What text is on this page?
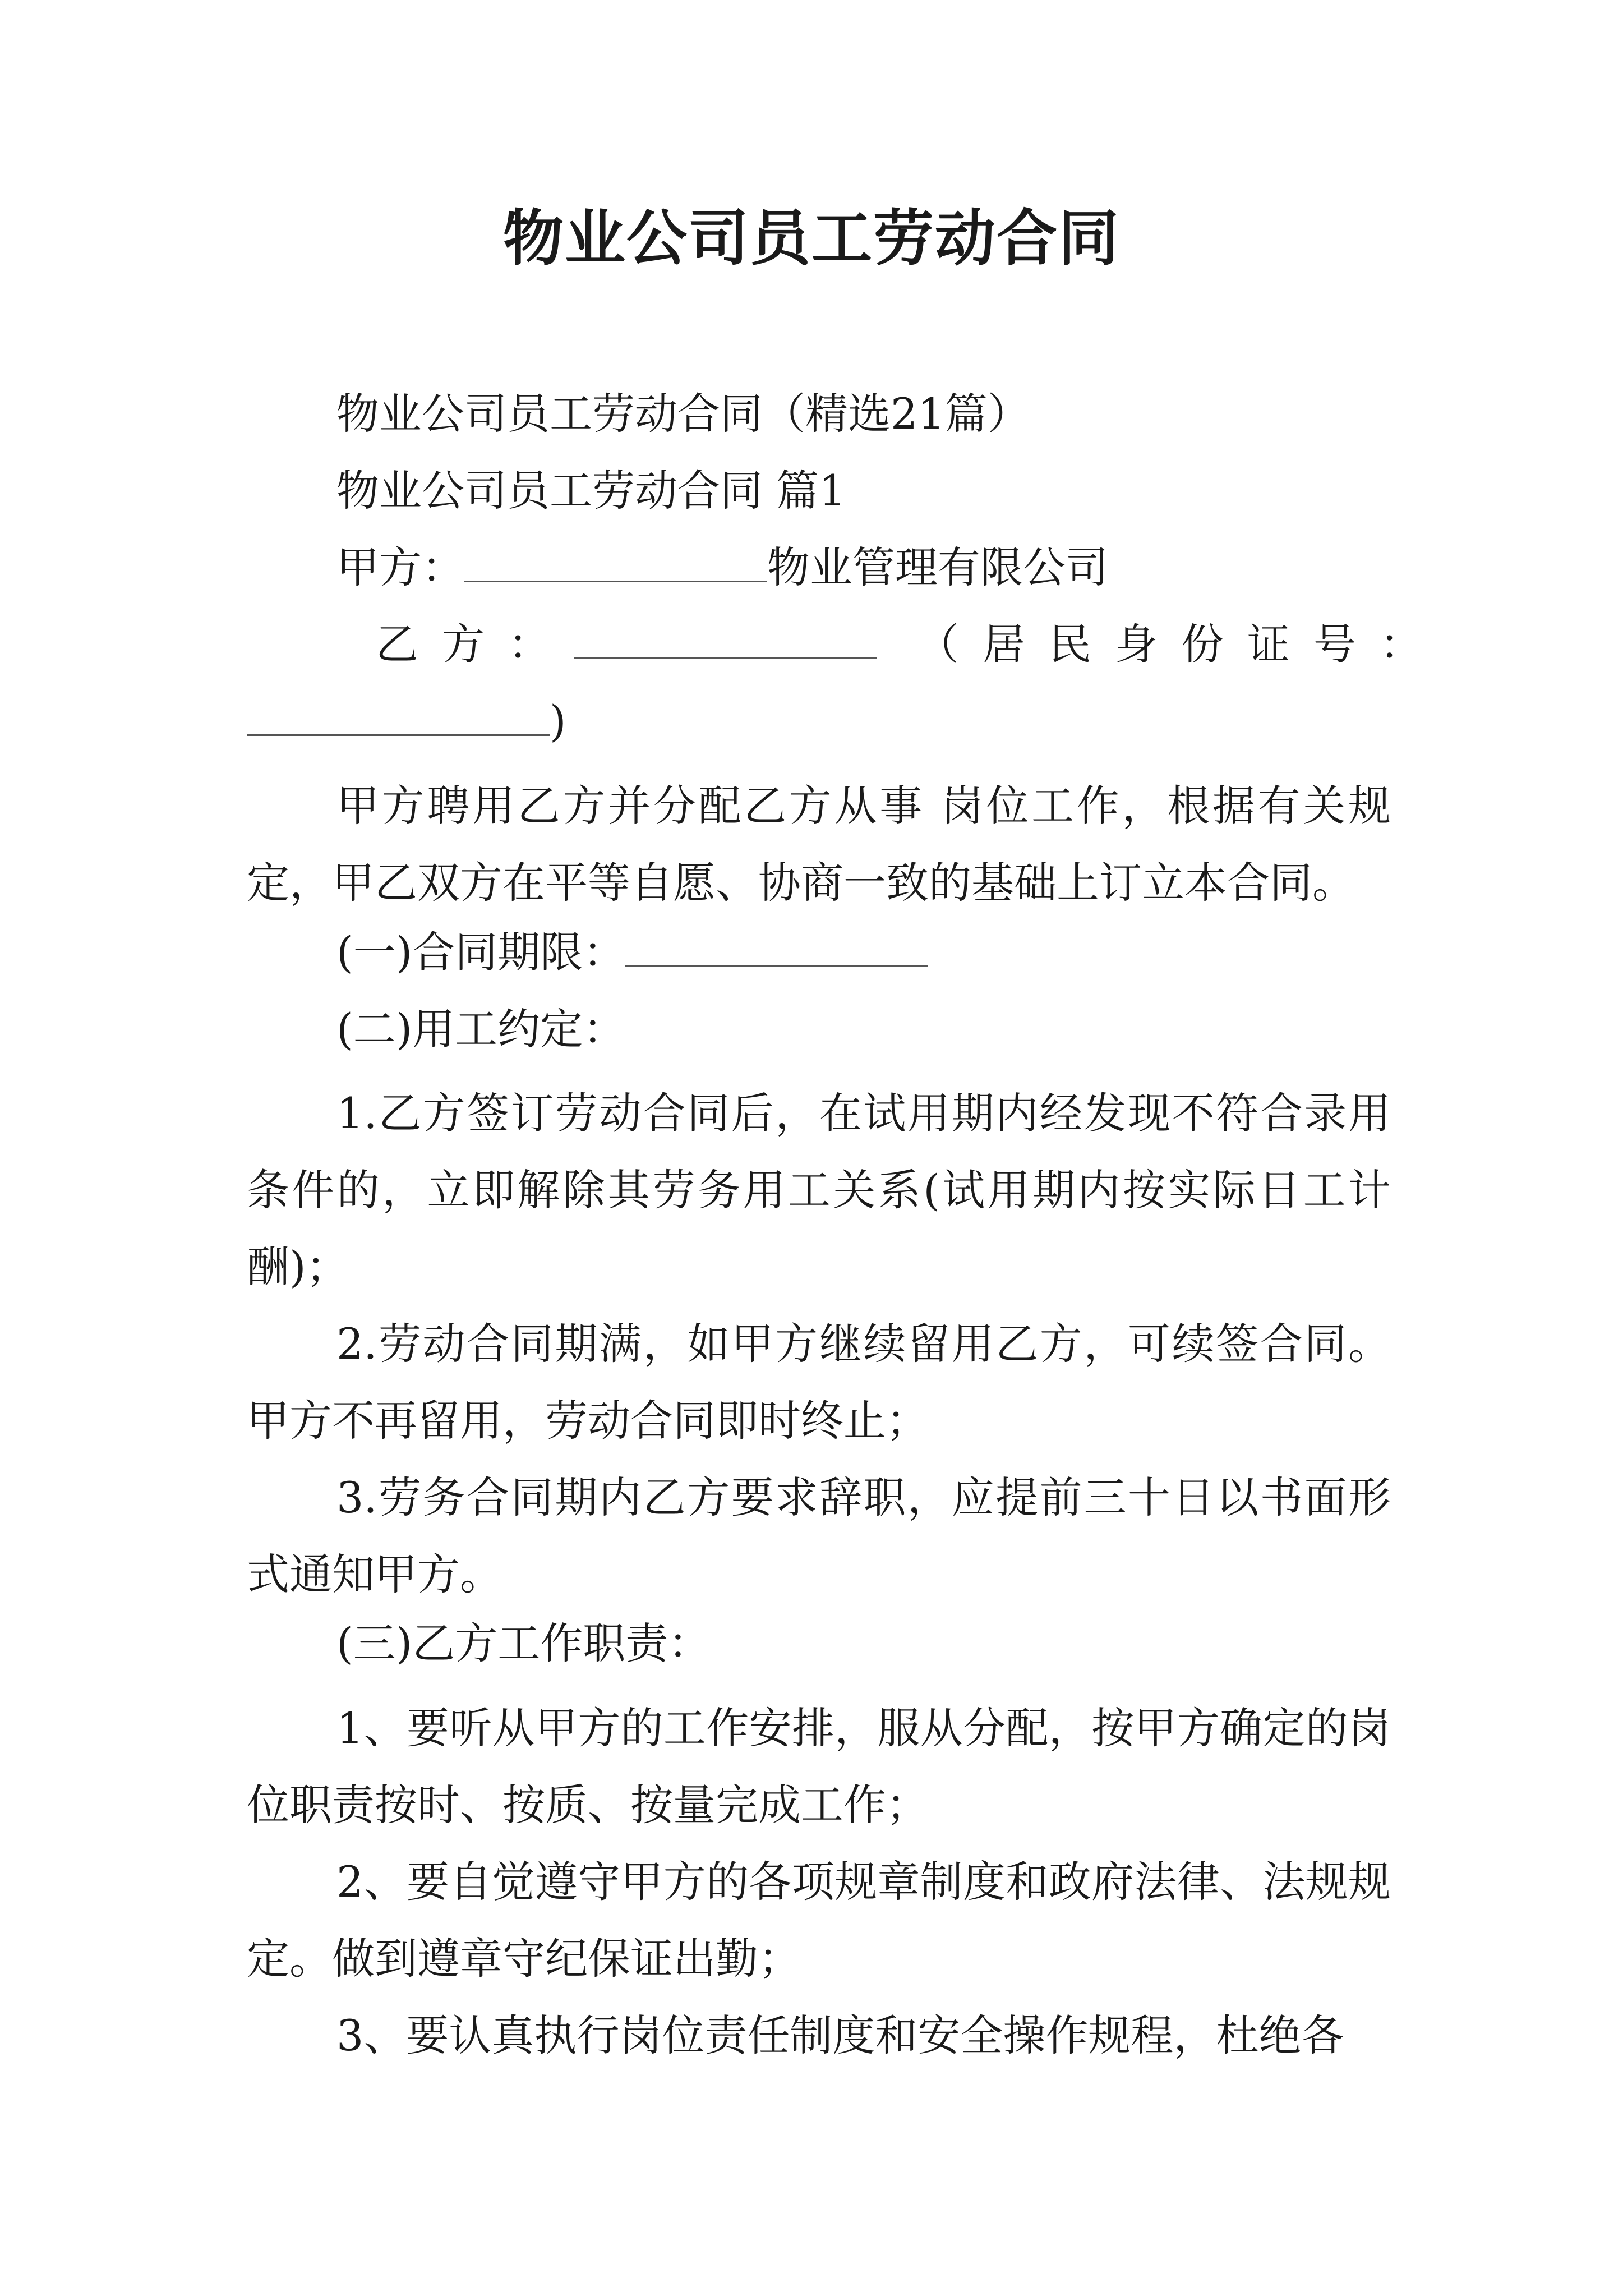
物业公司员工劳动合同
物业公司员工劳动合同（精选21篇）
物业公司员工劳动合同 篇1
甲方：	物业管理有限公司
乙方：	（居民身份证号：
)
甲方聘用乙方并分配乙方从事 岗位工作，根据有关规定，甲乙双方在平等自愿、协商一致的基础上订立本合同。
(一)合同期限：
(二)用工约定：
1.乙方签订劳动合同后，在试用期内经发现不符合录用条件的，立即解除其劳务用工关系(试用期内按实际日工计酬)；
2.劳动合同期满，如甲方继续留用乙方，可续签合同。甲方不再留用，劳动合同即时终止；
3.劳务合同期内乙方要求辞职，应提前三十日以书面形式通知甲方。
(三)乙方工作职责：
1、要听从甲方的工作安排，服从分配，按甲方确定的岗位职责按时、按质、按量完成工作；
2、要自觉遵守甲方的各项规章制度和政府法律、法规规定。做到遵章守纪保证出勤；
3、要认真执行岗位责任制度和安全操作规程，杜绝各
